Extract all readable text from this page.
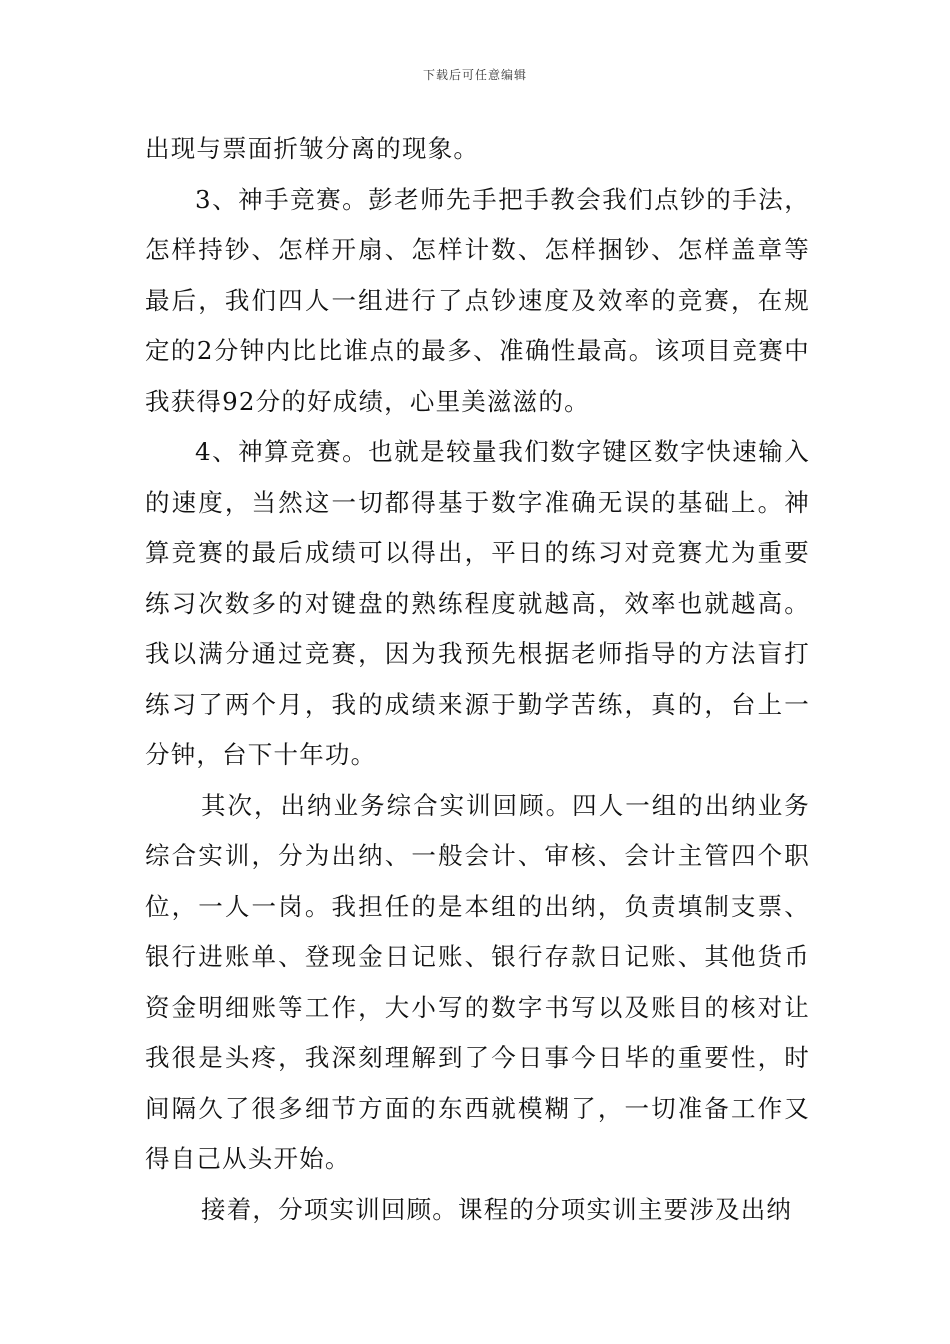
下载后可任意编辑

出现与票面折皱分离的现象。

3、神手竞赛。彭老师先手把手教会我们点钞的手法，怎样持钞、怎样开扇、怎样计数、怎样捆钞、怎样盖章等最后，我们四人一组进行了点钞速度及效率的竞赛，在规定的2分钟内比比谁点的最多、准确性最高。该项目竞赛中我获得92分的好成绩，心里美滋滋的。

4、神算竞赛。也就是较量我们数字键区数字快速输入的速度，当然这一切都得基于数字准确无误的基础上。神算竞赛的最后成绩可以得出，平日的练习对竞赛尤为重要练习次数多的对键盘的熟练程度就越高，效率也就越高。我以满分通过竞赛，因为我预先根据老师指导的方法盲打练习了两个月，我的成绩来源于勤学苦练，真的，台上一分钟，台下十年功。

其次，出纳业务综合实训回顾。四人一组的出纳业务综合实训，分为出纳、一般会计、审核、会计主管四个职位，一人一岗。我担任的是本组的出纳，负责填制支票、银行进账单、登现金日记账、银行存款日记账、其他货币资金明细账等工作，大小写的数字书写以及账目的核对让我很是头疼，我深刻理解到了今日事今日毕的重要性，时间隔久了很多细节方面的东西就模糊了，一切准备工作又得自己从头开始。

接着，分项实训回顾。课程的分项实训主要涉及出纳
